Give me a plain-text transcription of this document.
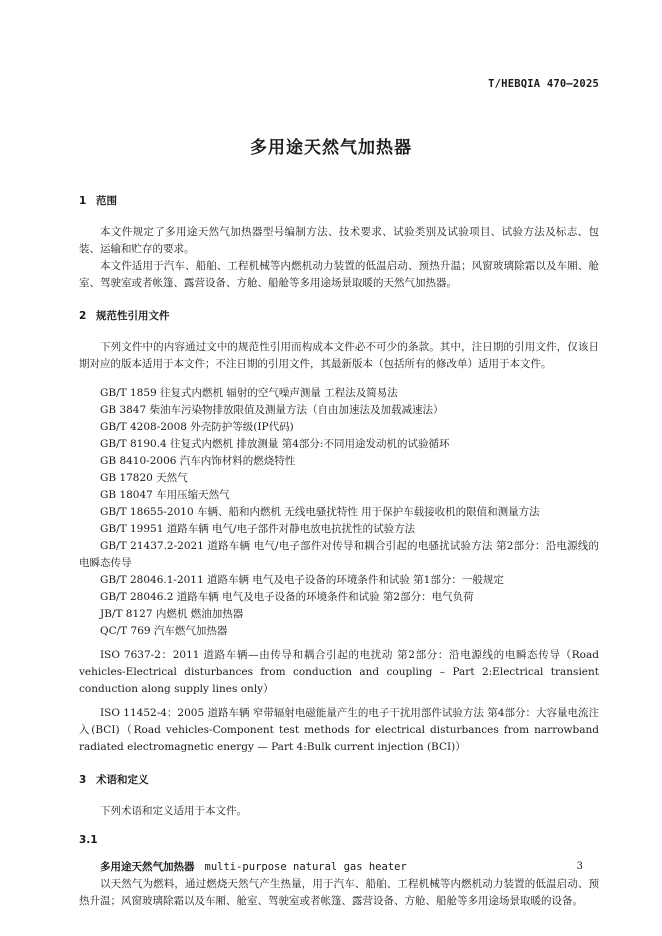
T/HEBQIA 470—2025
多用途天然气加热器
1 范围

本文件规定了多用途天然气加热器型号编制方法、技术要求、试验类别及试验项目、试验方法及标志、包装、运输和贮存的要求。

本文件适用于汽车、船舶、工程机械等内燃机动力装置的低温启动、预热升温；风窗玻璃除霜以及车厢、舱室、驾驶室或者帐篷、露营设备、方舱、船舱等多用途场景取暖的天然气加热器。

2 规范性引用文件

下列文件中的内容通过文中的规范性引用而构成本文件必不可少的条款。其中，注日期的引用文件，仅该日期对应的版本适用于本文件；不注日期的引用文件，其最新版本（包括所有的修改单）适用于本文件。

GB/T 1859 往复式内燃机 辐射的空气噪声测量 工程法及简易法

GB 3847 柴油车污染物排放限值及测量方法（自由加速法及加载减速法）

GB/T 4208-2008 外壳防护等级(IP代码)

GB/T 8190.4 往复式内燃机 排放测量 第4部分:不同用途发动机的试验循环

GB 8410-2006 汽车内饰材料的燃烧特性

GB 17820 天然气

GB 18047 车用压缩天然气

GB/T 18655-2010 车辆、船和内燃机 无线电骚扰特性 用于保护车载接收机的限值和测量方法

GB/T 19951 道路车辆 电气/电子部件对静电放电抗扰性的试验方法

GB/T 21437.2-2021 道路车辆 电气/电子部件对传导和耦合引起的电骚扰试验方法 第2部分：沿电源线的电瞬态传导

GB/T 28046.1-2011 道路车辆 电气及电子设备的环境条件和试验 第1部分：一般规定

GB/T 28046.2 道路车辆 电气及电子设备的环境条件和试验 第2部分：电气负荷

JB/T 8127 内燃机 燃油加热器

QC/T 769 汽车燃气加热器

ISO 7637-2：2011 道路车辆—由传导和耦合引起的电扰动 第2部分：沿电源线的电瞬态传导（Road vehicles-Electrical disturbances from conduction and coupling – Part 2:Electrical transient conduction along supply lines only）

ISO 11452-4：2005 道路车辆 窄带辐射电磁能量产生的电子干扰用部件试验方法 第4部分：大容量电流注入(BCI)（Road vehicles-Component test methods for electrical disturbances from narrowband radiated electromagnetic energy — Part 4:Bulk current injection (BCI)）

3 术语和定义

下列术语和定义适用于本文件。

3.1
多用途天然气加热器 multi-purpose natural gas heater

以天然气为燃料，通过燃烧天然气产生热量，用于汽车、船舶、工程机械等内燃机动力装置的低温启动、预热升温；风窗玻璃除霜以及车厢、舱室、驾驶室或者帐篷、露营设备、方舱、船舱等多用途场景取暖的设备。

3
